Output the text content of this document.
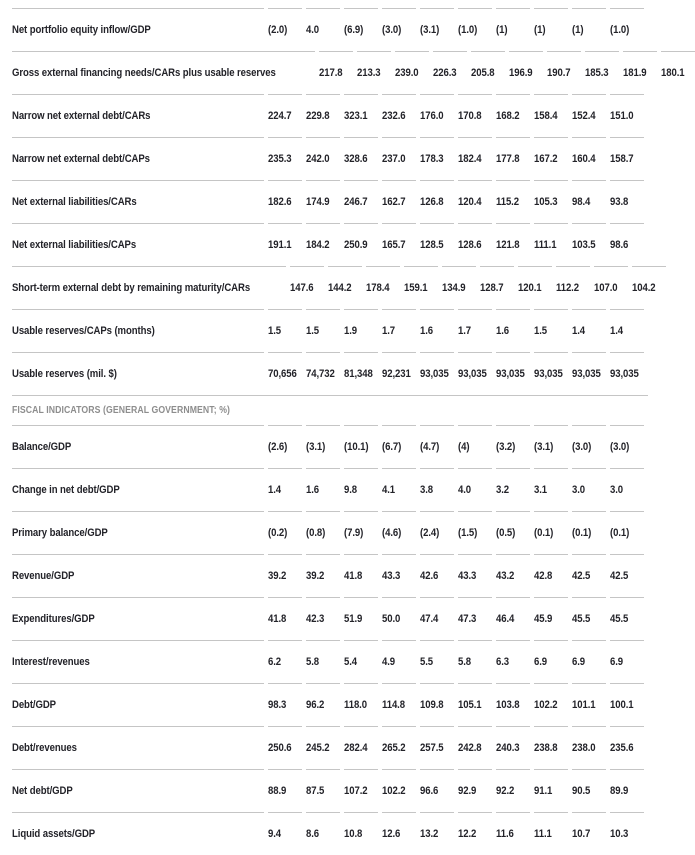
Net portfolio equity inflow/GDP	(2.0) 4.0 (6.9) (3.0) (3.1) (1.0) (1) (1) (1) (1.0)
Gross external financing needs/CARs plus usable reserves	217.8 213.3 239.0 226.3 205.8 196.9 190.7 185.3 181.9 180.1
Narrow net external debt/CARs	224.7 229.8 323.1 232.6 176.0 170.8 168.2 158.4 152.4 151.0
Narrow net external debt/CAPs	235.3 242.0 328.6 237.0 178.3 182.4 177.8 167.2 160.4 158.7
Net external liabilities/CARs	182.6 174.9 246.7 162.7 126.8 120.4 115.2 105.3 98.4 93.8
Net external liabilities/CAPs	191.1 184.2 250.9 165.7 128.5 128.6 121.8 111.1 103.5 98.6
Short-term external debt by remaining maturity/CARs	147.6 144.2 178.4 159.1 134.9 128.7 120.1 112.2 107.0 104.2
Usable reserves/CAPs (months)	1.5 1.5 1.9 1.7 1.6 1.7 1.6 1.5 1.4 1.4
Usable reserves (mil. $)	70,656 74,732 81,348 92,231 93,035 93,035 93,035 93,035 93,035 93,035
FISCAL INDICATORS (GENERAL GOVERNMENT; %)
Balance/GDP	(2.6) (3.1) (10.1) (6.7) (4.7) (4) (3.2) (3.1) (3.0) (3.0)
Change in net debt/GDP	1.4 1.6 9.8 4.1 3.8 4.0 3.2 3.1 3.0 3.0
Primary balance/GDP	(0.2) (0.8) (7.9) (4.6) (2.4) (1.5) (0.5) (0.1) (0.1) (0.1)
Revenue/GDP	39.2 39.2 41.8 43.3 42.6 43.3 43.2 42.8 42.5 42.5
Expenditures/GDP	41.8 42.3 51.9 50.0 47.4 47.3 46.4 45.9 45.5 45.5
Interest/revenues	6.2 5.8 5.4 4.9 5.5 5.8 6.3 6.9 6.9 6.9
Debt/GDP	98.3 96.2 118.0 114.8 109.8 105.1 103.8 102.2 101.1 100.1
Debt/revenues	250.6 245.2 282.4 265.2 257.5 242.8 240.3 238.8 238.0 235.6
Net debt/GDP	88.9 87.5 107.2 102.2 96.6 92.9 92.2 91.1 90.5 89.9
Liquid assets/GDP	9.4 8.6 10.8 12.6 13.2 12.2 11.6 11.1 10.7 10.3
